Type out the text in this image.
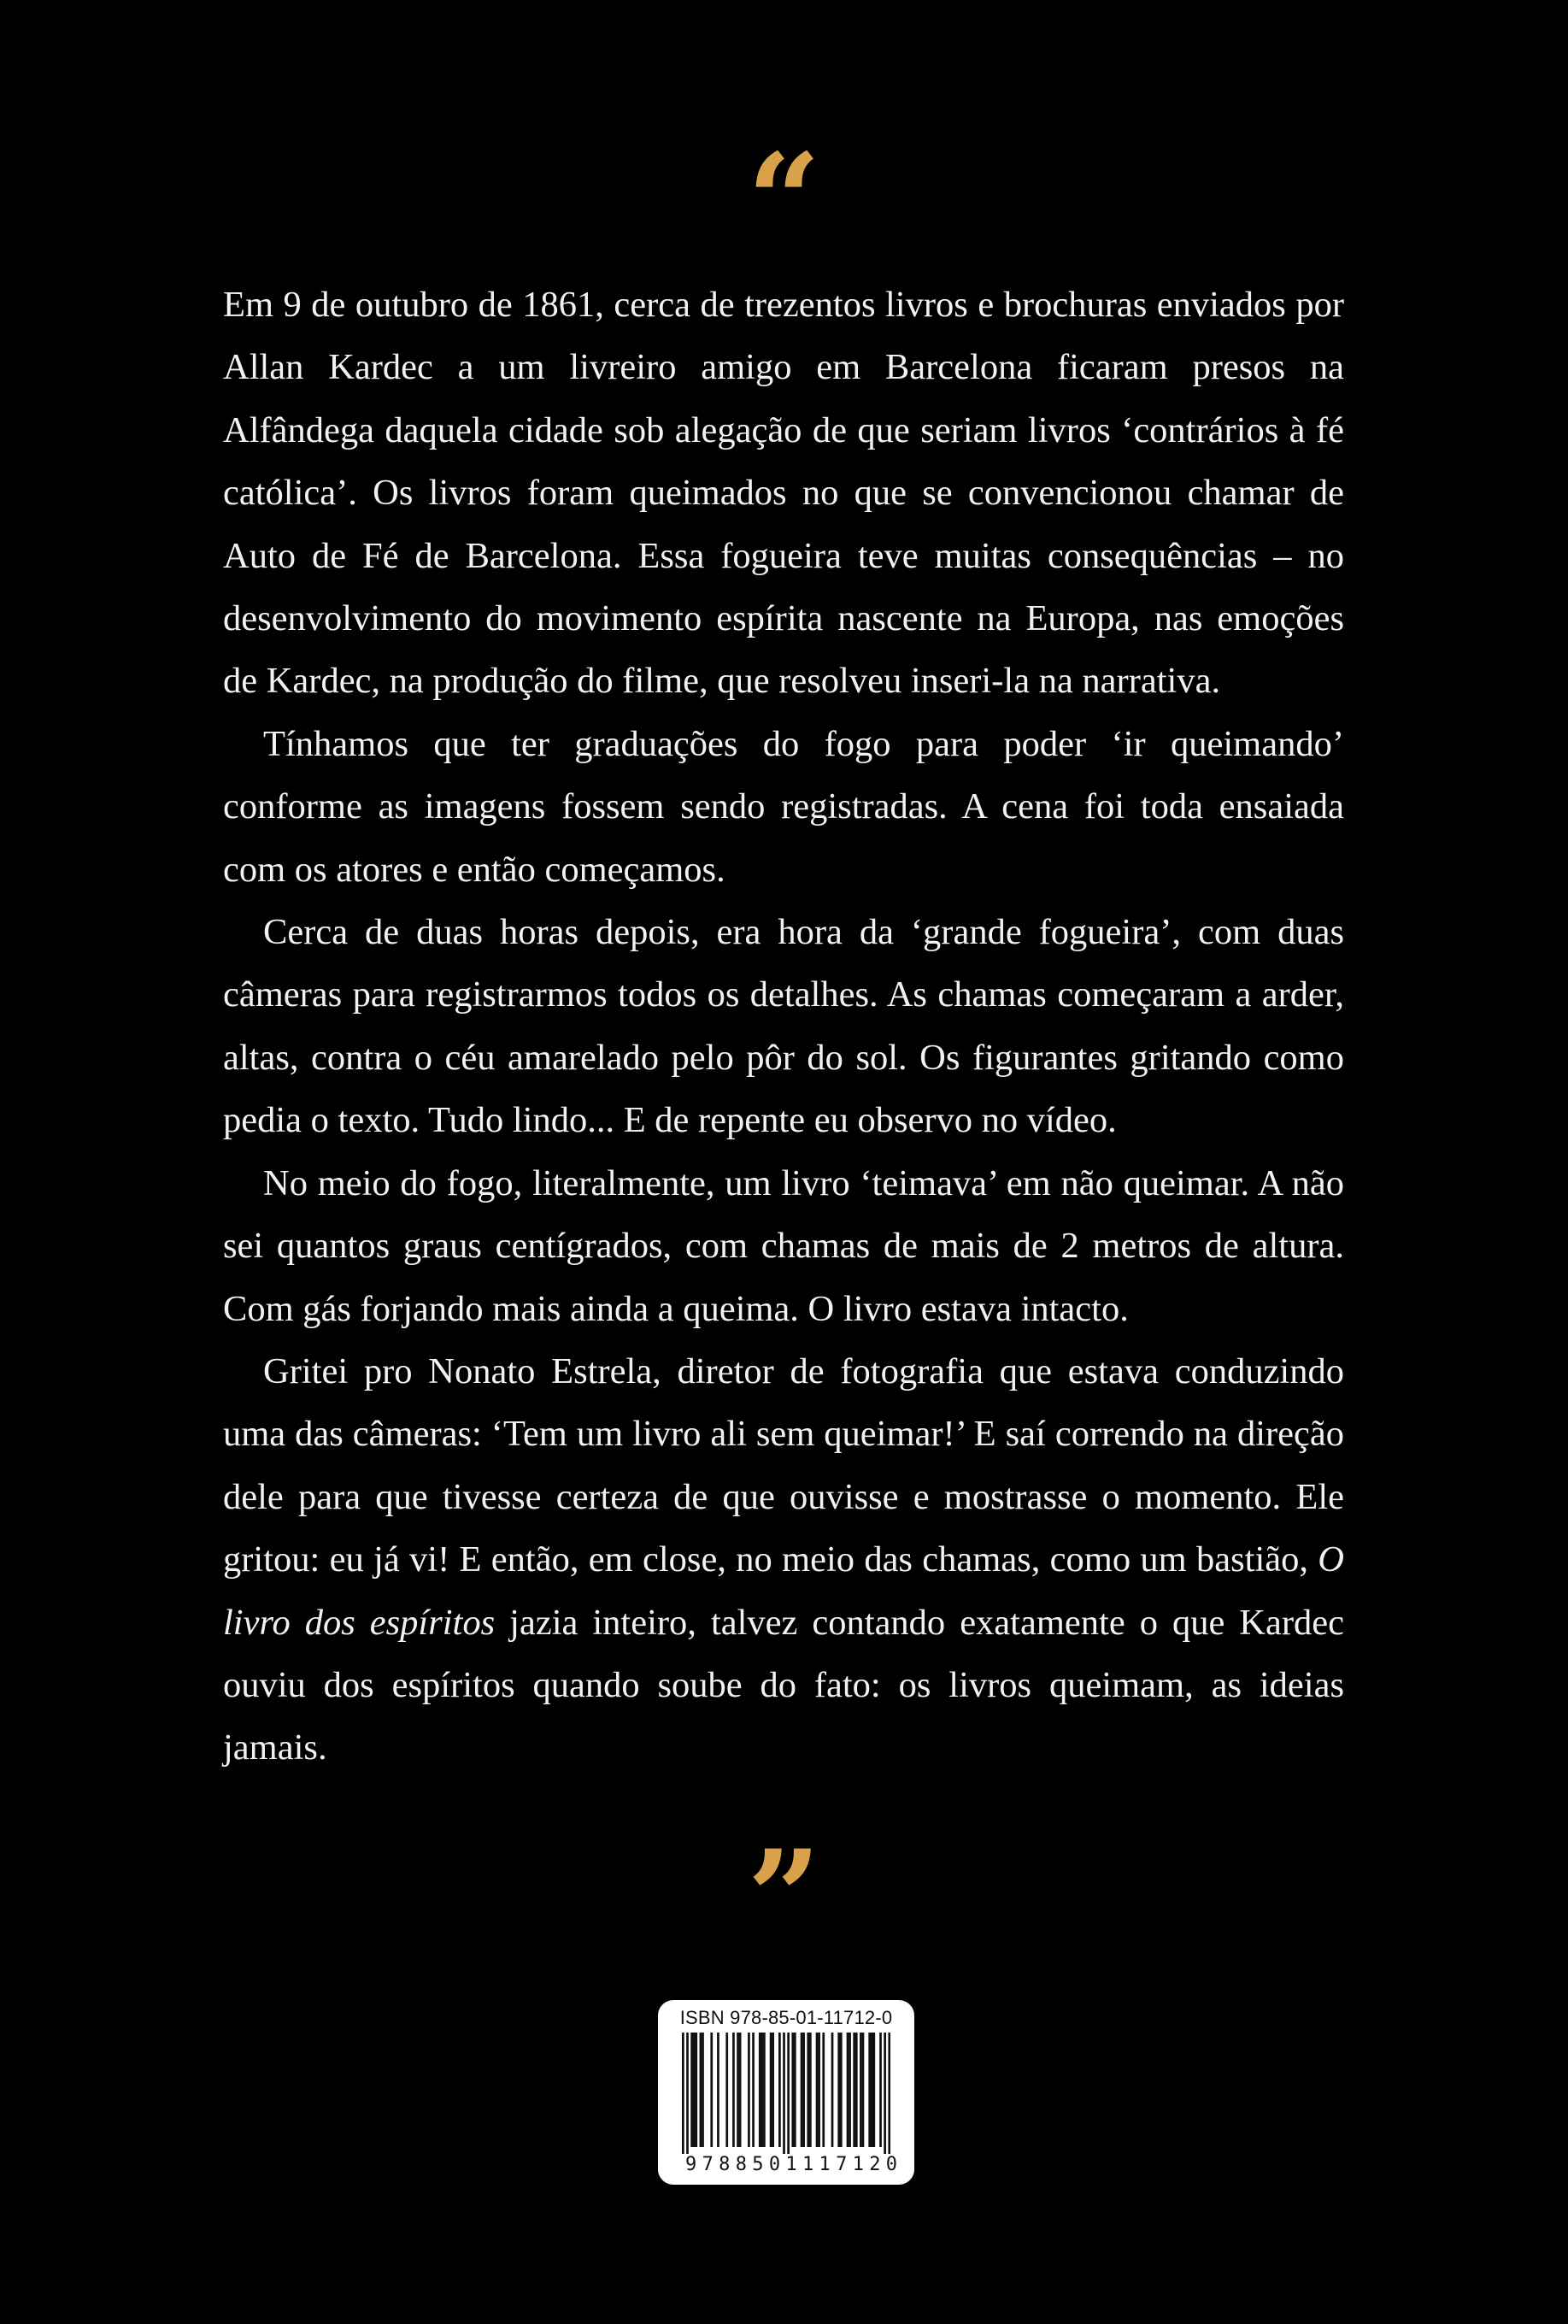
“

Em 9 de outubro de 1861, cerca de trezentos livros e brochuras enviados por Allan Kardec a um livreiro amigo em Barcelona ficaram presos na Alfândega daquela cidade sob alegação de que seriam livros ‘contrários à fé católica’. Os livros foram queimados no que se convencionou chamar de Auto de Fé de Barcelona. Essa fogueira teve muitas consequências – no desenvolvimento do movimento espírita nascente na Europa, nas emoções de Kardec, na produção do filme, que resolveu inseri-la na narrativa.

Tínhamos que ter graduações do fogo para poder ‘ir queimando’ conforme as imagens fossem sendo registradas. A cena foi toda ensaiada com os atores e então começamos.

Cerca de duas horas depois, era hora da ‘grande fogueira’, com duas câmeras para registrarmos todos os detalhes. As chamas começaram a arder, altas, contra o céu amarelado pelo pôr do sol. Os figurantes gritando como pedia o texto. Tudo lindo... E de repente eu observo no vídeo.

No meio do fogo, literalmente, um livro ‘teimava’ em não queimar. A não sei quantos graus centígrados, com chamas de mais de 2 metros de altura. Com gás forjando mais ainda a queima. O livro estava intacto.

Gritei pro Nonato Estrela, diretor de fotografia que estava conduzindo uma das câmeras: ‘Tem um livro ali sem queimar!’ E saí correndo na direção dele para que tivesse certeza de que ouvisse e mostrasse o momento. Ele gritou: eu já vi! E então, em close, no meio das chamas, como um bastião, O livro dos espíritos jazia inteiro, talvez contando exatamente o que Kardec ouviu dos espíritos quando soube do fato: os livros queimam, as ideias jamais.

”
ISBN 978-85-01-11712-0
9 7 8 8 5 0 1 1 1 7 1 2 0
